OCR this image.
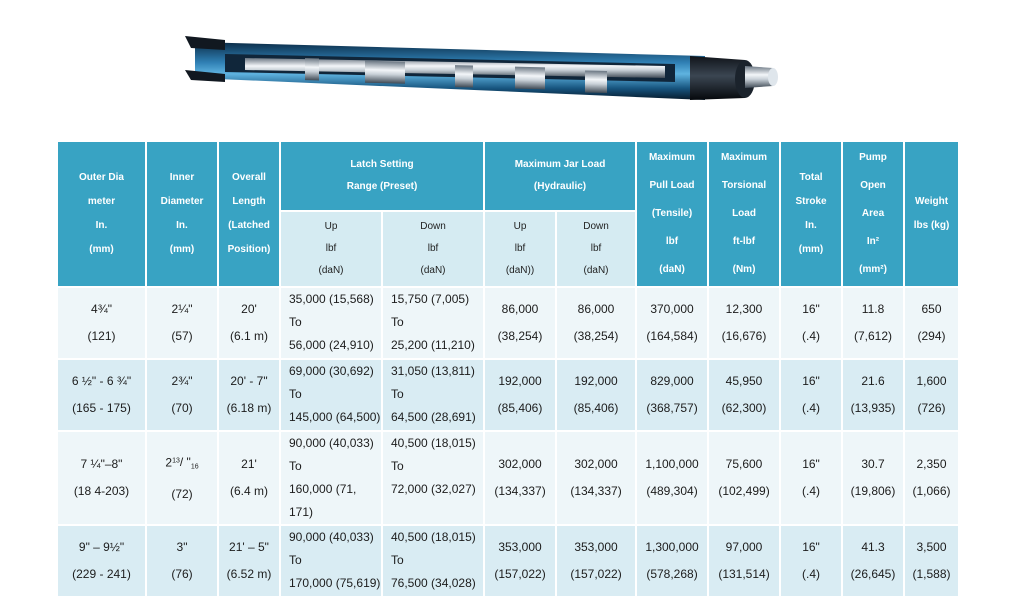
Outer Dia
meter
In.
(mm)	Inner
Diameter
In.
(mm)	Overall
Length
(Latched
Position)	Latch Setting
Range (Preset)		Maximum Jar Load
(Hydraulic)		Maximum
Pull Load
(Tensile)
lbf
(daN)	Maximum
Torsional
Load
ft-lbf
(Nm)	Total
Stroke
In.
(mm)	Pump
Open
Area
In²
(mm²)	Weight
lbs (kg)

			Up
lbf
(daN)	Down
lbf
(daN)	Up
lbf
(daN))	Down
lbf
(daN)					

4¾"
(121)	2¼"
(57)	20'
(6.1 m)	35,000 (15,568)
To
56,000 (24,910)	15,750 (7,005)
To
25,200 (11,210)	86,000
(38,254)	86,000
(38,254)	370,000
(164,584)	12,300
(16,676)	16"
(.4)	11.8
(7,612)	650
(294)

6 ½" - 6 ¾"
(165 - 175)	2¾"
(70)	20' - 7"
(6.18 m)	69,000 (30,692)
To
145,000 (64,500)	31,050 (13,811)
To
64,500 (28,691)	192,000
(85,406)	192,000
(85,406)	829,000
(368,757)	45,950
(62,300)	16"
(.4)	21.6
(13,935)	1,600
(726)

7 ¼"–8"
(18 4-203)	$2^{13}/$ "$_{16}$
(72)	21'
(6.4 m)	90,000 (40,033)
To
160,000 (71, 171)	40,500 (18,015)
To
72,000 (32,027)	302,000
(134,337)	302,000
(134,337)	1,100,000
(489,304)	75,600
(102,499)	16"
(.4)	30.7
(19,806)	2,350
(1,066)

9" – 9½"
(229 - 241)	3"
(76)	21' – 5"
(6.52 m)	90,000 (40,033)
To
170,000 (75,619)	40,500 (18,015)
To
76,500 (34,028)	353,000
(157,022)	353,000
(157,022)	1,300,000
(578,268)	97,000
(131,514)	16"
(.4)	41.3
(26,645)	3,500
(1,588)
